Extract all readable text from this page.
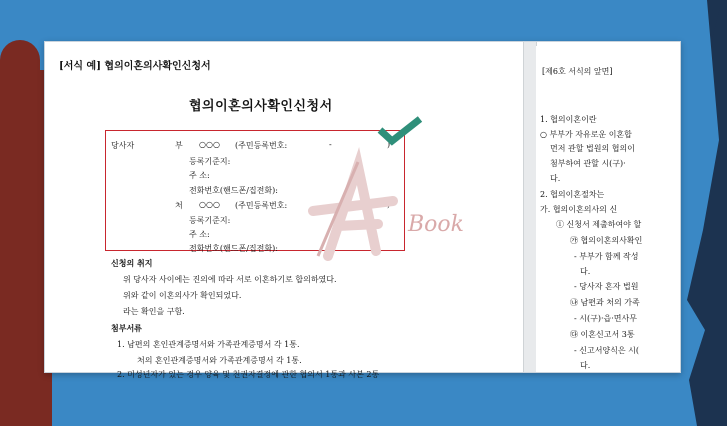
[서식 예] 협의이혼의사확인신청서
협의이혼의사확인신청서
당사자	부 ○○○ (주민등록번호:	-	)
등록기준지:
주 소:
전화번호(핸드폰/집전화):
처 ○○○ (주민등록번호:	-	)
등록기준지:
주 소:
전화번호(핸드폰/집전화):
신청의 취지
위 당사자 사이에는 진의에 따라 서로 이혼하기로 합의하였다.
위와 같이 이혼의사가 확인되었다.
라는 확인을 구함.
첨부서류
1. 남편의 혼인관계증명서와 가족관계증명서 각 1통.
처의 혼인관계증명서와 가족관계증명서 각 1통.
2. 미성년자가 있는 경우 양육 및 친권자결정에 관한 협의서 1통과 사본 2통
Book
[제6호 서식의 앞면]
1. 협의이혼이란
○ 부부가 자유로운 이혼합
먼저 관할 법원의 협의이
첨부하여 관할 시(구)·
다.
2. 협의이혼절차는
가. 협의이혼의사의 신
① 신청서 제출하여야 할
㉮ 협의이혼의사확인
- 부부가 함께 작성
다.
- 당사자 혼자 법원
㉯ 남편과 처의 가족
- 시(구)·읍·면사무
㉰ 이혼신고서 3통
- 신고서양식은 시(
다.
